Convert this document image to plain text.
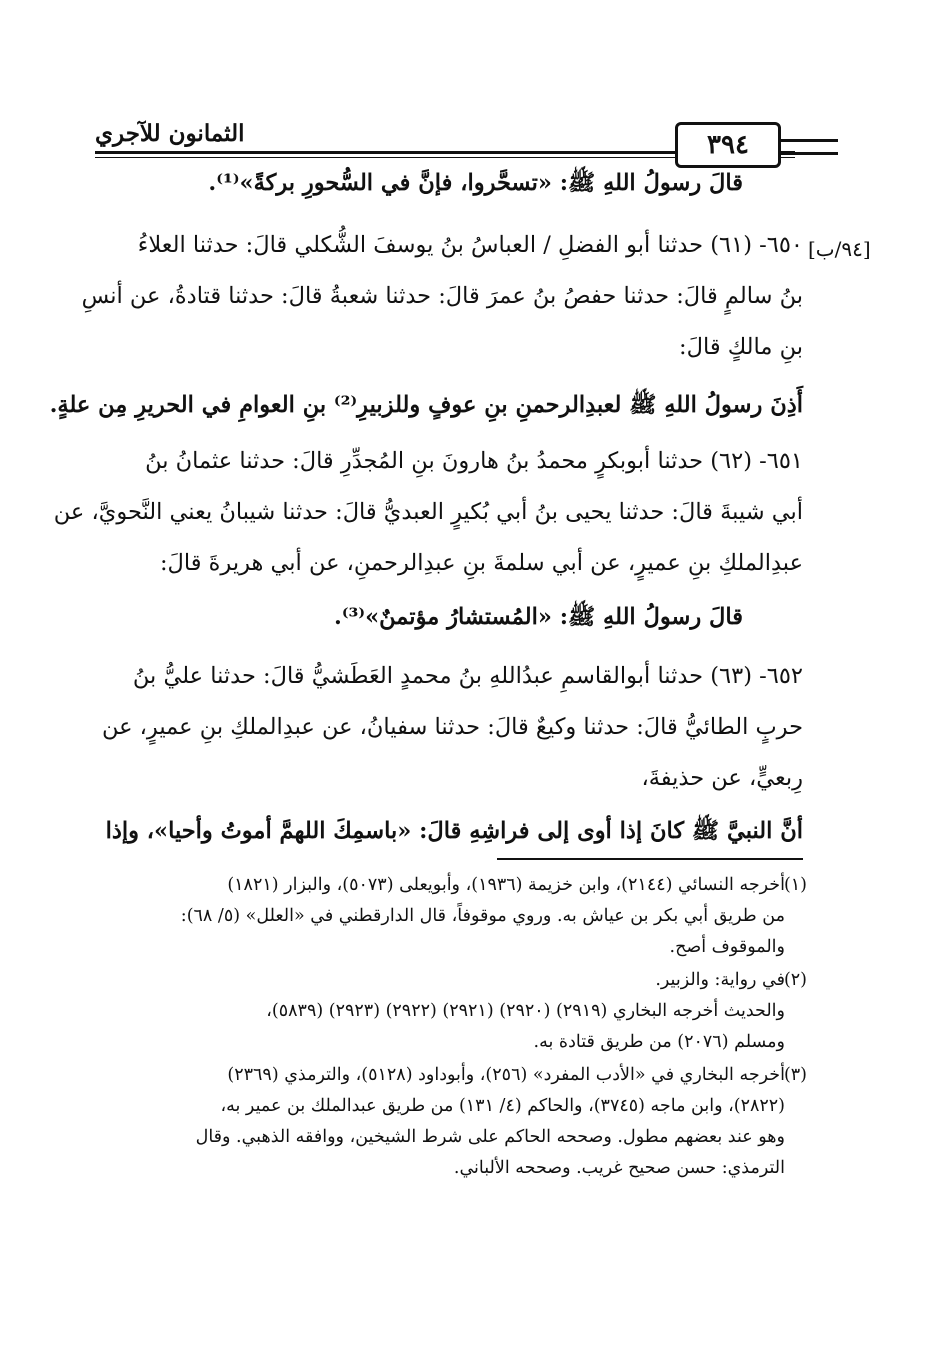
الثمانون للآجري	٣٩٤
[٩٤/ب]
قالَ رسولُ اللهِ ﷺ: «تسحَّروا، فإنَّ في السُّحورِ بركةً»⁽¹⁾.
٦٥٠- (٦١) حدثنا أبو الفضلِ / العباسُ بنُ يوسفَ الشُّكلي قالَ: حدثنا العلاءُ
بنُ سالمٍ قالَ: حدثنا حفصُ بنُ عمرَ قالَ: حدثنا شعبةُ قالَ: حدثنا قتادةُ، عن أنسِ
بنِ مالكٍ قالَ:
أَذِنَ رسولُ اللهِ ﷺ لعبدِالرحمنِ بنِ عوفٍ وللزبيرِ⁽²⁾ بنِ العوامِ في الحريرِ مِن علةٍ.
٦٥١- (٦٢) حدثنا أبوبكرٍ محمدُ بنُ هارونَ بنِ المُجدِّرِ قالَ: حدثنا عثمانُ بنُ
أبي شيبةَ قالَ: حدثنا يحيى بنُ أبي بُكيرٍ العبديُّ قالَ: حدثنا شيبانُ يعني النَّحويَّ، عن
عبدِالملكِ بنِ عميرٍ، عن أبي سلمةَ بنِ عبدِالرحمنِ، عن أبي هريرةَ قالَ:
قالَ رسولُ اللهِ ﷺ: «المُستشارُ مؤتمنٌ»⁽³⁾.
٦٥٢- (٦٣) حدثنا أبوالقاسمِ عبدُاللهِ بنُ محمدٍ العَطَشيُّ قالَ: حدثنا عليُّ بنُ
حربٍ الطائيُّ قالَ: حدثنا وكيعٌ قالَ: حدثنا سفيانُ، عن عبدِالملكِ بنِ عميرٍ، عن
رِبعيٍّ، عن حذيفةَ،
أنَّ النبيَّ ﷺ كانَ إذا أوى إلى فراشِهِ قالَ: «باسمِكَ اللهمَّ أموتُ وأحيا»، وإذا
(١)
أخرجه النسائي (٢١٤٤)، وابن خزيمة (١٩٣٦)، وأبويعلى (٥٠٧٣)، والبزار (١٨٢١)
من طريق أبي بكر بن عياش به. وروي موقوفاً، قال الدارقطني في «العلل» (٥/ ٦٨):
والموقوف أصح.
(٢)
في رواية: والزبير.
والحديث أخرجه البخاري (٢٩١٩) (٢٩٢٠) (٢٩٢١) (٢٩٢٢) (٢٩٢٣) (٥٨٣٩)،
ومسلم (٢٠٧٦) من طريق قتادة به.
(٣)
أخرجه البخاري في «الأدب المفرد» (٢٥٦)، وأبوداود (٥١٢٨)، والترمذي (٢٣٦٩)
(٢٨٢٢)، وابن ماجه (٣٧٤٥)، والحاكم (٤/ ١٣١) من طريق عبدالملك بن عمير به،
وهو عند بعضهم مطول. وصححه الحاكم على شرط الشيخين، ووافقه الذهبي. وقال
الترمذي: حسن صحيح غريب. وصححه الألباني.
